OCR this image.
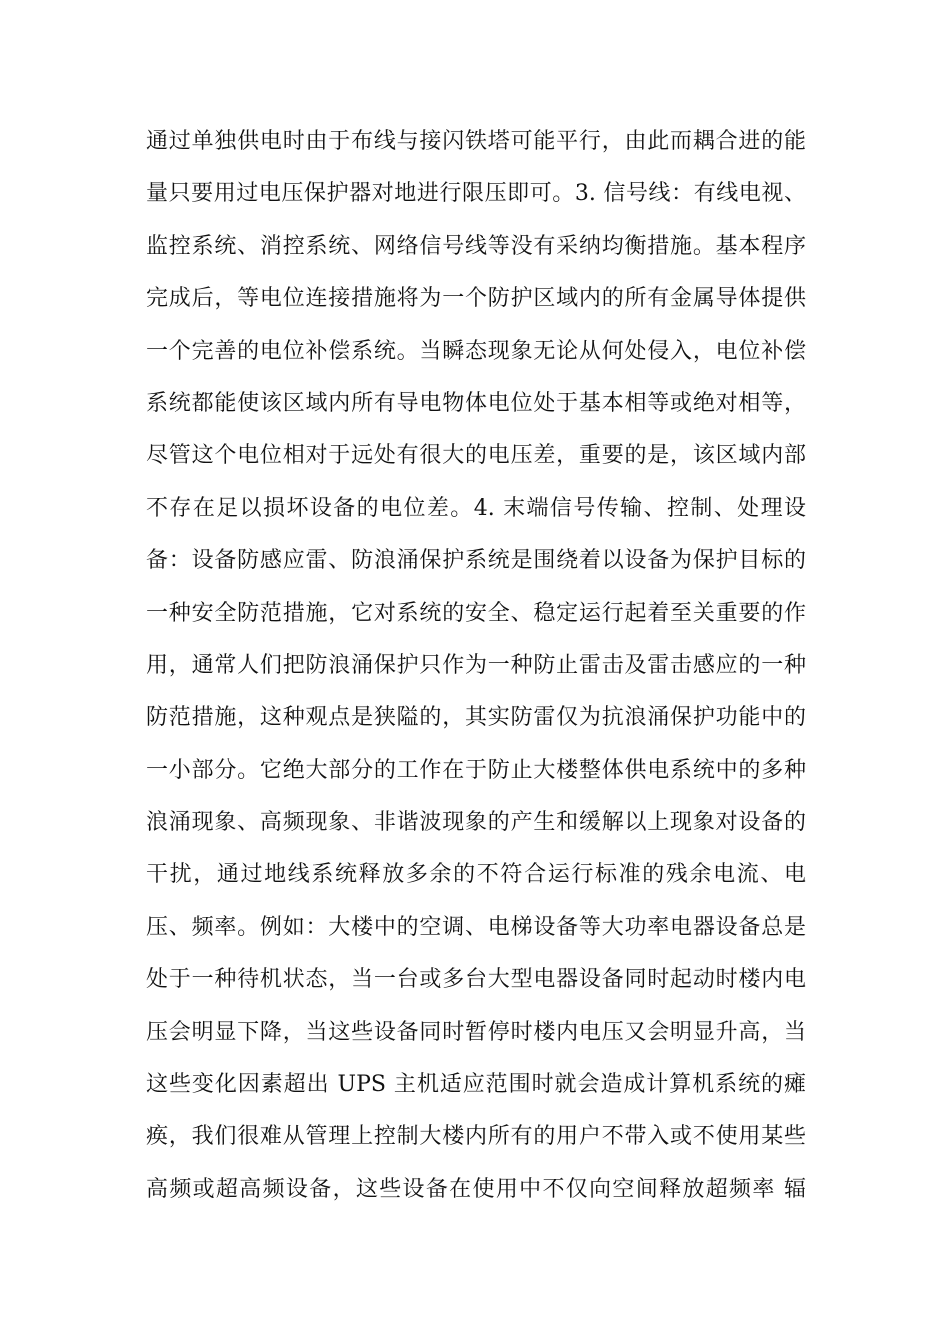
通过单独供电时由于布线与接闪铁塔可能平行，由此而耦合进的能
量只要用过电压保护器对地进行限压即可。3. 信号线：有线电视、
监控系统、消控系统、网络信号线等没有采纳均衡措施。基本程序
完成后，等电位连接措施将为一个防护区域内的所有金属导体提供
一个完善的电位补偿系统。当瞬态现象无论从何处侵入，电位补偿
系统都能使该区域内所有导电物体电位处于基本相等或绝对相等，
尽管这个电位相对于远处有很大的电压差，重要的是，该区域内部
不存在足以损坏设备的电位差。4. 末端信号传输、控制、处理设
备：设备防感应雷、防浪涌保护系统是围绕着以设备为保护目标的
一种安全防范措施，它对系统的安全、稳定运行起着至关重要的作
用，通常人们把防浪涌保护只作为一种防止雷击及雷击感应的一种
防范措施，这种观点是狭隘的，其实防雷仅为抗浪涌保护功能中的
一小部分。它绝大部分的工作在于防止大楼整体供电系统中的多种
浪涌现象、高频现象、非谐波现象的产生和缓解以上现象对设备的
干扰，通过地线系统释放多余的不符合运行标准的残余电流、电
压、频率。例如：大楼中的空调、电梯设备等大功率电器设备总是
处于一种待机状态，当一台或多台大型电器设备同时起动时楼内电
压会明显下降，当这些设备同时暂停时楼内电压又会明显升高，当
这些变化因素超出 UPS 主机适应范围时就会造成计算机系统的瘫
痪，我们很难从管理上控制大楼内所有的用户不带入或不使用某些
高频或超高频设备，这些设备在使用中不仅向空间释放超频率 辐
